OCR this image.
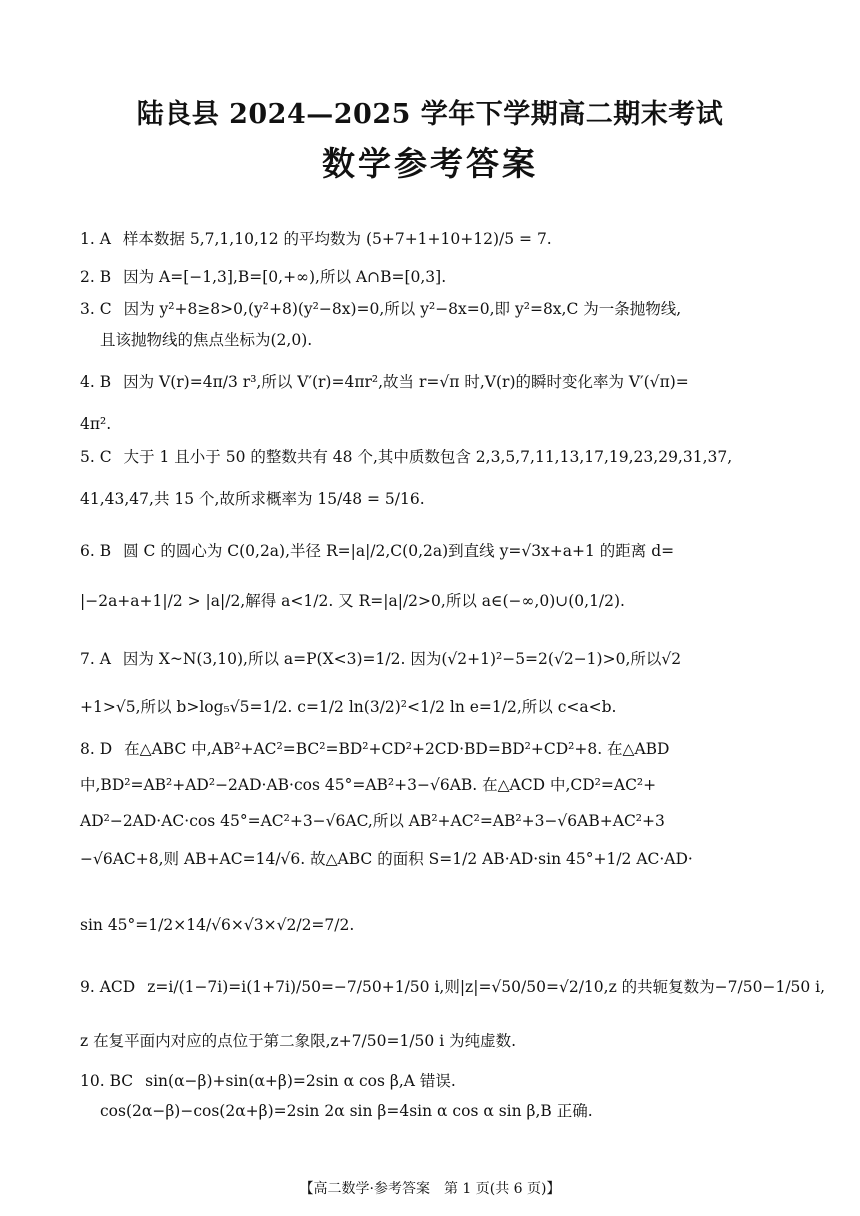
陆良县 2024—2025 学年下学期高二期末考试
数学参考答案
1. A 样本数据 5,7,1,10,12 的平均数为 (5+7+1+10+12)/5 = 7.
2. B 因为 A=[−1,3],B=[0,+∞),所以 A∩B=[0,3].
3. C 因为 y²+8≥8>0,(y²+8)(y²−8x)=0,所以 y²−8x=0,即 y²=8x,C 为一条抛物线,
且该抛物线的焦点坐标为(2,0).
4. B 因为 V(r)=4π/3 r³,所以 V′(r)=4πr²,故当 r=√π 时,V(r)的瞬时变化率为 V′(√π)=
4π².
5. C 大于 1 且小于 50 的整数共有 48 个,其中质数包含 2,3,5,7,11,13,17,19,23,29,31,37,
41,43,47,共 15 个,故所求概率为 15/48 = 5/16.
6. B 圆 C 的圆心为 C(0,2a),半径 R=|a|/2,C(0,2a)到直线 y=√3x+a+1 的距离 d=
|−2a+a+1|/2 > |a|/2,解得 a<1/2. 又 R=|a|/2>0,所以 a∈(−∞,0)∪(0,1/2).
7. A 因为 X~N(3,10),所以 a=P(X<3)=1/2. 因为(√2+1)²−5=2(√2−1)>0,所以√2
+1>√5,所以 b>log₅√5=1/2. c=1/2 ln(3/2)²<1/2 ln e=1/2,所以 c<a<b.
8. D 在△ABC 中,AB²+AC²=BC²=BD²+CD²+2CD·BD=BD²+CD²+8. 在△ABD
中,BD²=AB²+AD²−2AD·AB·cos 45°=AB²+3−√6AB. 在△ACD 中,CD²=AC²+
AD²−2AD·AC·cos 45°=AC²+3−√6AC,所以 AB²+AC²=AB²+3−√6AB+AC²+3
−√6AC+8,则 AB+AC=14/√6. 故△ABC 的面积 S=1/2 AB·AD·sin 45°+1/2 AC·AD·
sin 45°=1/2×14/√6×√3×√2/2=7/2.
9. ACD z=i/(1−7i)=i(1+7i)/50=−7/50+1/50 i,则|z|=√50/50=√2/10,z 的共轭复数为−7/50−1/50 i,
z 在复平面内对应的点位于第二象限,z+7/50=1/50 i 为纯虚数.
10. BC sin(α−β)+sin(α+β)=2sin α cos β,A 错误.
cos(2α−β)−cos(2α+β)=2sin 2α sin β=4sin α cos α sin β,B 正确.
【高二数学·参考答案　第 1 页(共 6 页)】
